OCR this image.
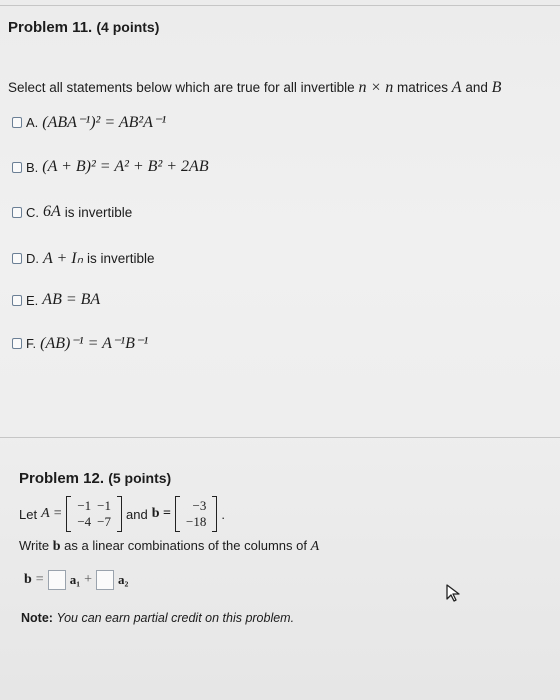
Problem 11. (4 points)
Select all statements below which are true for all invertible n × n matrices A and B
A. (ABA⁻¹)² = AB²A⁻¹
B. (A + B)² = A² + B² + 2AB
C. 6A is invertible
D. A + Iₙ is invertible
E. AB = BA
F. (AB)⁻¹ = A⁻¹B⁻¹
Problem 12. (5 points)
Let A =
−1 −1
−4 −7 and b =
−3
−18 .
Write b as a linear combinations of the columns of A
b = a₁ + a₂
Note: You can earn partial credit on this problem.
